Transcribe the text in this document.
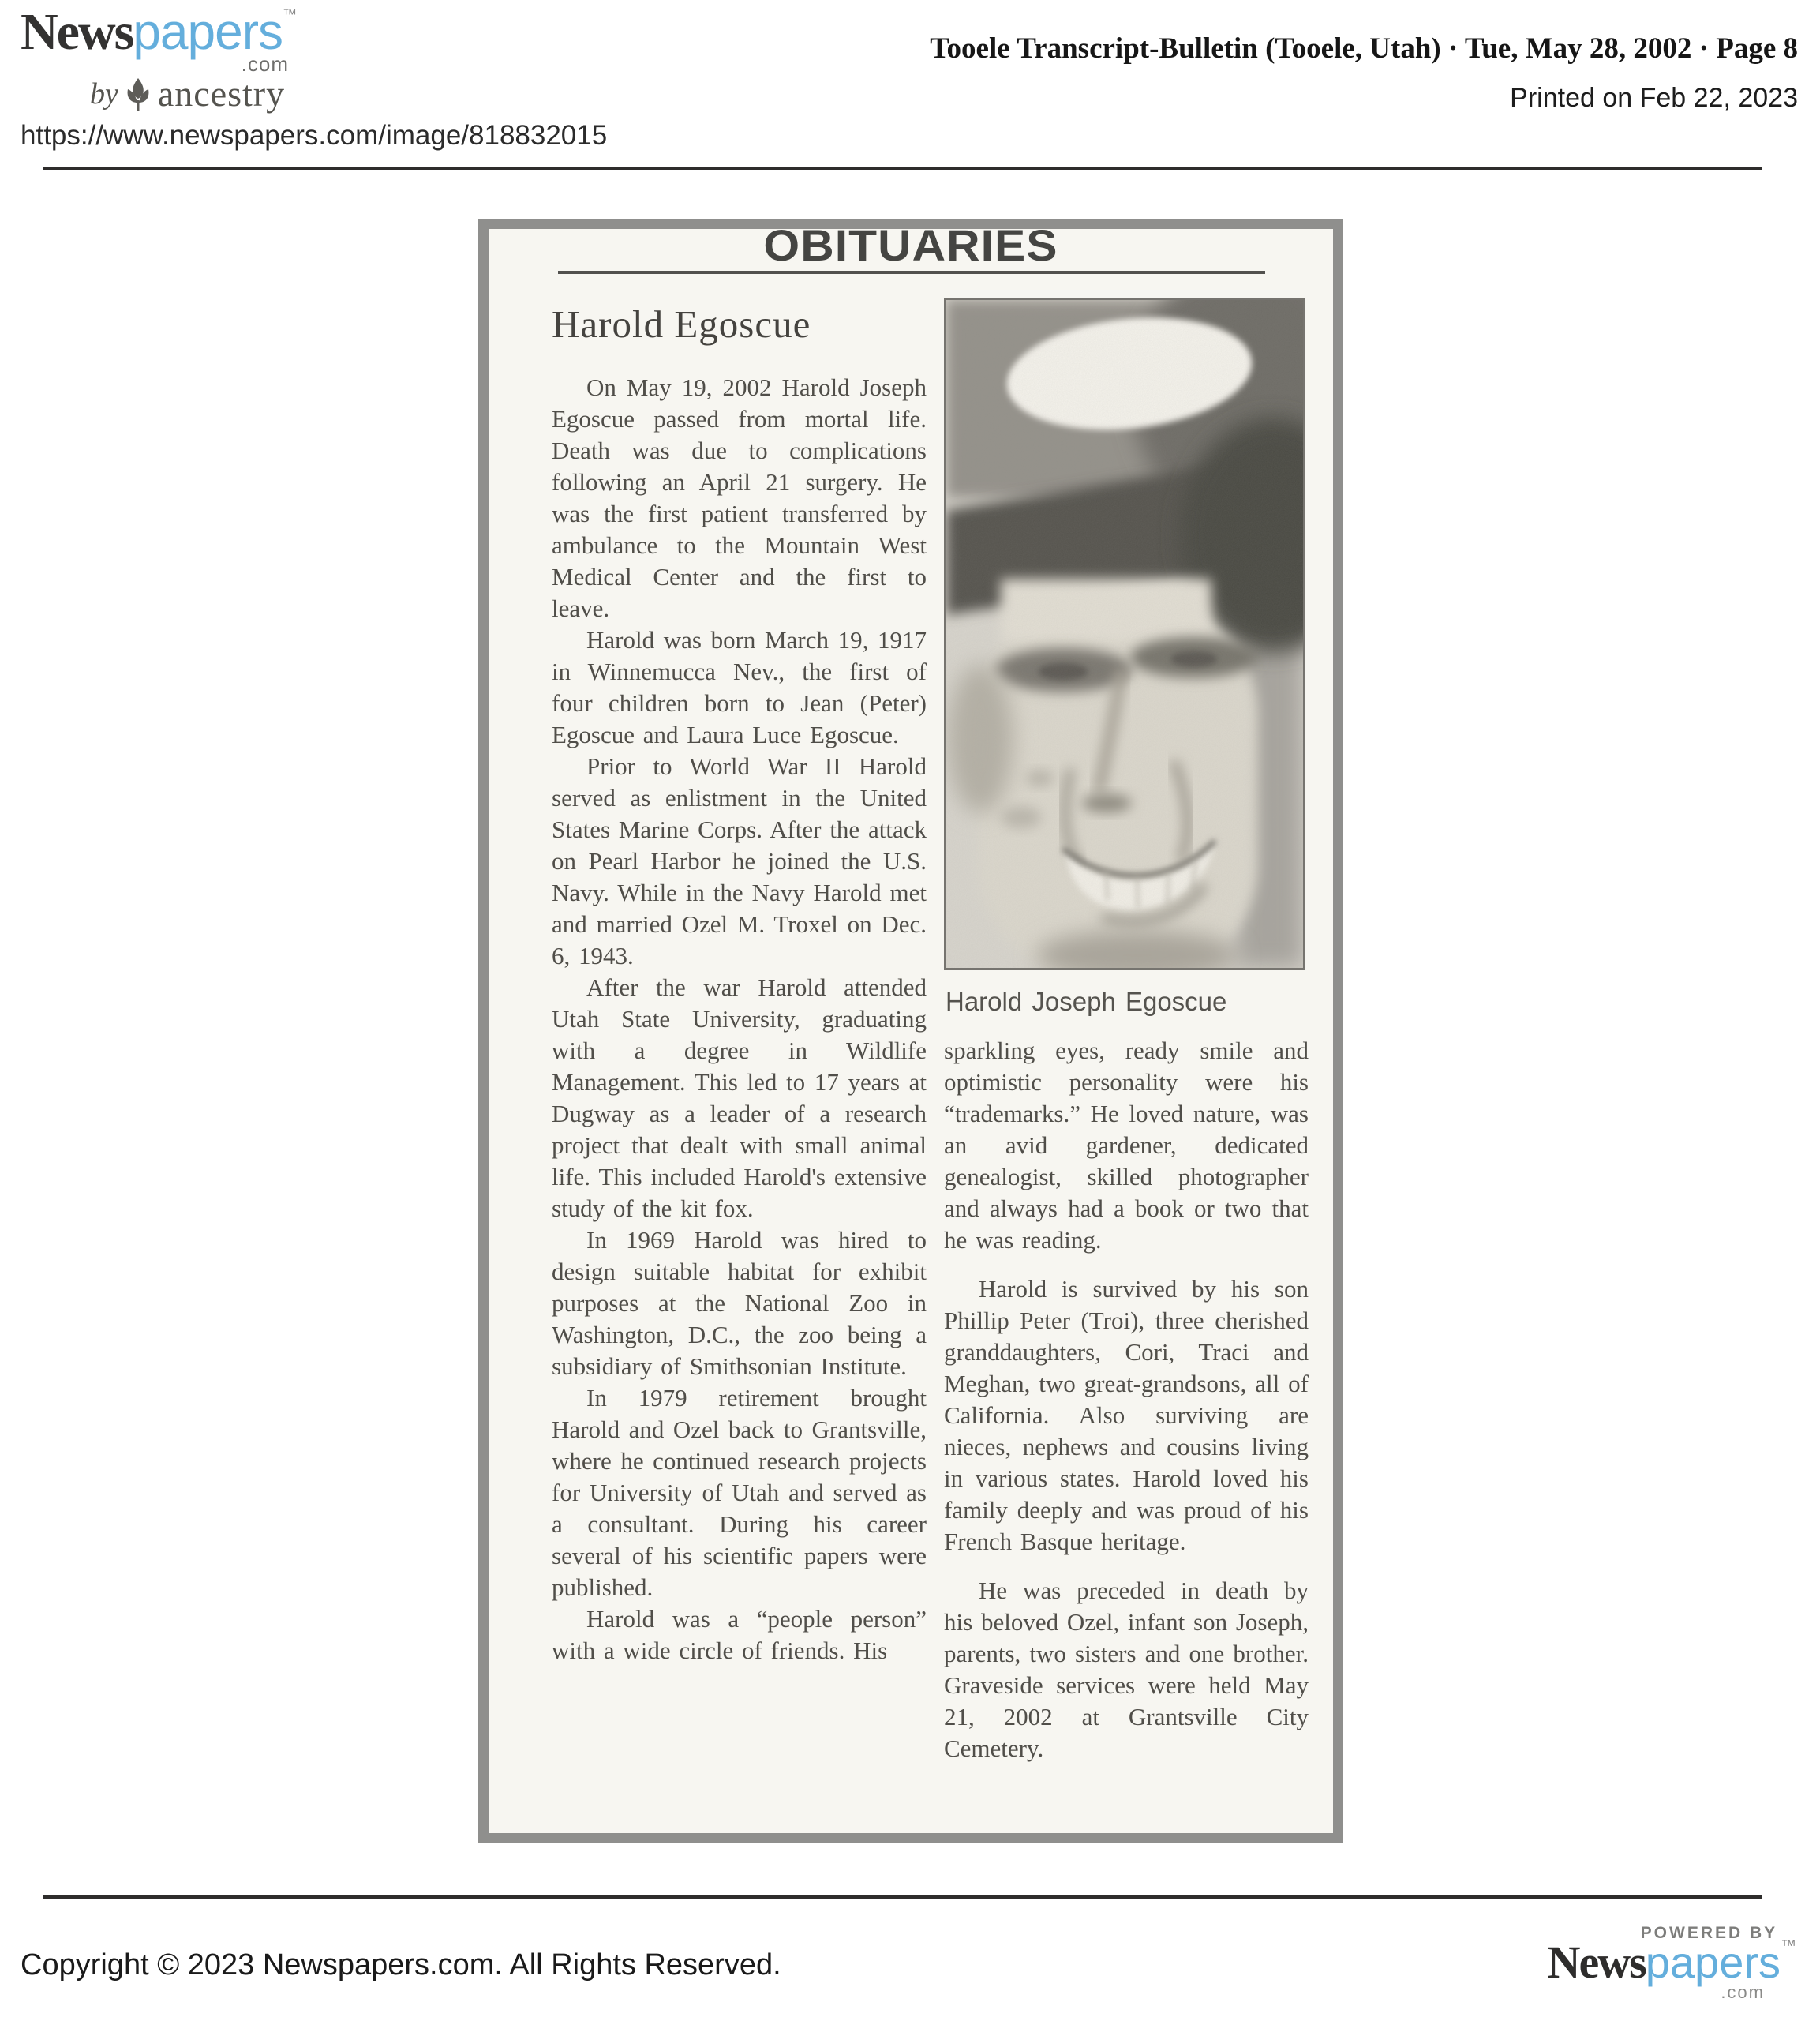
Newspapers™
.com
by ancestry
https://www.newspapers.com/image/818832015
Tooele Transcript-Bulletin (Tooele, Utah) · Tue, May 28, 2002 · Page 8
Printed on Feb 22, 2023
OBITUARIES
Harold Egoscue

On May 19, 2002 Harold Joseph Egoscue passed from mortal life. Death was due to complications following an April 21 surgery. He was the first patient transferred by ambulance to the Mountain West Medical Center and the first to leave.

Harold was born March 19, 1917 in Winnemucca Nev., the first of four children born to Jean (Peter) Egoscue and Laura Luce Egoscue.

Prior to World War II Harold served as enlistment in the United States Marine Corps. After the attack on Pearl Harbor he joined the U.S. Navy. While in the Navy Harold met and married Ozel M. Troxel on Dec. 6, 1943.

After the war Harold attended Utah State University, graduating with a degree in Wildlife Management. This led to 17 years at Dugway as a leader of a research project that dealt with small animal life. This included Harold's extensive study of the kit fox.

In 1969 Harold was hired to design suitable habitat for exhibit purposes at the National Zoo in Washington, D.C., the zoo being a subsidiary of Smithsonian Institute.

In 1979 retirement brought Harold and Ozel back to Grantsville, where he continued research projects for University of Utah and served as a consultant. During his career several of his scientific papers were published.

Harold was a “people person” with a wide circle of friends. His

Harold Joseph Egoscue

sparkling eyes, ready smile and optimistic personality were his “trademarks.” He loved nature, was an avid gardener, dedicated genealogist, skilled photographer and always had a book or two that he was reading.

Harold is survived by his son Phillip Peter (Troi), three cherished granddaughters, Cori, Traci and Meghan, two great-grandsons, all of California. Also surviving are nieces, nephews and cousins living in various states. Harold loved his family deeply and was proud of his French Basque heritage.

He was preceded in death by his beloved Ozel, infant son Joseph, parents, two sisters and one brother. Graveside services were held May 21, 2002 at Grantsville City Cemetery.

Copyright © 2023 Newspapers.com. All Rights Reserved.
POWERED BY
Newspapers™
.com
